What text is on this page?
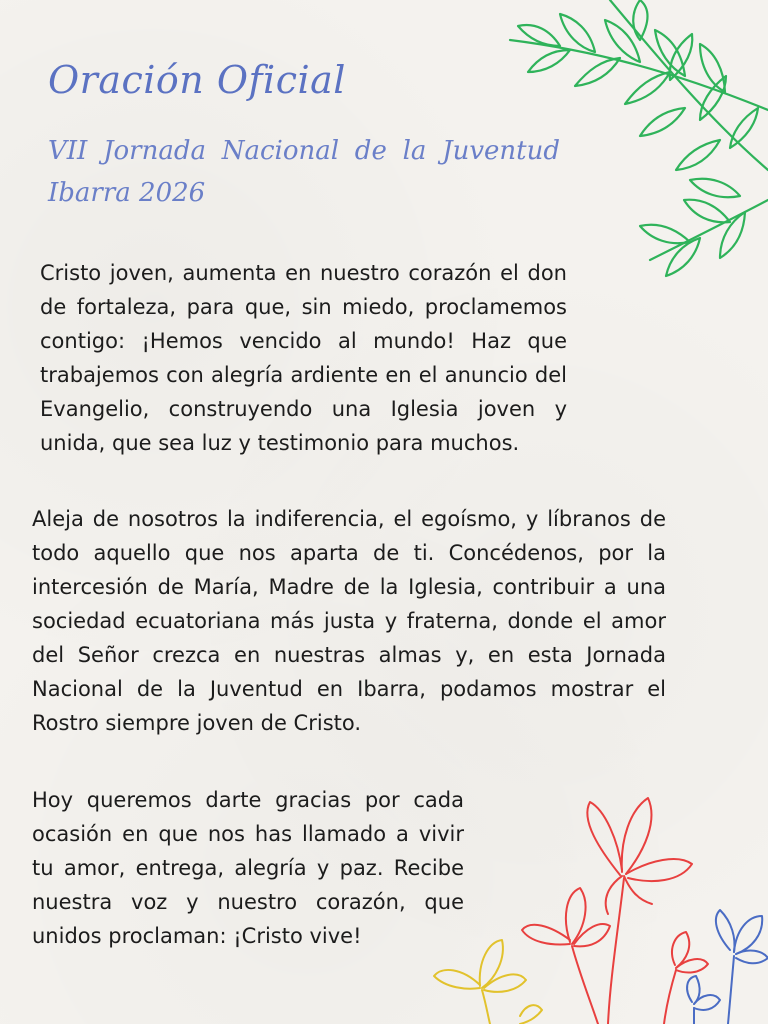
Oración Oficial
VII Jornada Nacional de la Juventud Ibarra 2026

Cristo joven, aumenta en nuestro corazón el don de fortaleza, para que, sin miedo, proclamemos contigo: ¡Hemos vencido al mundo! Haz que trabajemos con alegría ardiente en el anuncio del Evangelio, construyendo una Iglesia joven y unida, que sea luz y testimonio para muchos.

Aleja de nosotros la indiferencia, el egoísmo, y líbranos de todo aquello que nos aparta de ti. Concédenos, por la intercesión de María, Madre de la Iglesia, contribuir a una sociedad ecuatoriana más justa y fraterna, donde el amor del Señor crezca en nuestras almas y, en esta Jornada Nacional de la Juventud en Ibarra, podamos mostrar el Rostro siempre joven de Cristo.

Hoy queremos darte gracias por cada ocasión en que nos has llamado a vivir tu amor, entrega, alegría y paz. Recibe nuestra voz y nuestro corazón, que unidos proclaman: ¡Cristo vive!
